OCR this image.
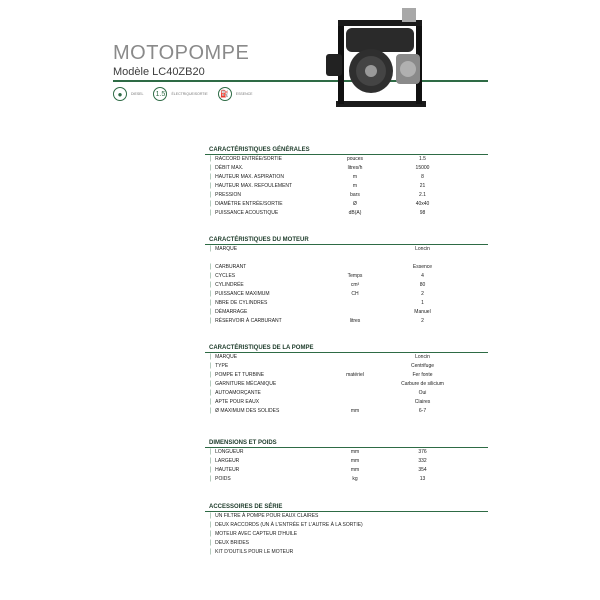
MOTOPOMPE
Modèle LC40ZB20
●	DIESEL	1.5	ÉLECTRIQUE/SORTIE	⛽	ESSENCE
CARACTÉRISTIQUES GÉNÉRALES
│ RACCORD ENTRÉE/SORTIE	pouces	1.5
│ DÉBIT MAX.	litres/h	15000
│ HAUTEUR MAX. ASPIRATION	m	8
│ HAUTEUR MAX. REFOULEMENT	m	21
│ PRESSION	bars	2.1
│ DIAMÈTRE ENTRÉE/SORTIE	Ø	40x40
│ PUISSANCE ACOUSTIQUE	dB(A)	98
CARACTÉRISTIQUES DU MOTEUR
│ MARQUE	Loncin
│ CARBURANT	Essence
│ CYCLES	Temps	4
│ CYLINDRÉE	cm³	80
│ PUISSANCE MAXIMUM	CH	2
│ NBRE DE CYLINDRES	1
│ DÉMARRAGE	Manuel
│ RÉSERVOIR À CARBURANT	litres	2
CARACTÉRISTIQUES DE LA POMPE
│ MARQUE	Loncin
│ TYPE	Centrifuge
│ POMPE ET TURBINE	matériel	Fer fonte
│ GARNITURE MÉCANIQUE	Carbure de silicium
│ AUTOAMORÇANTE	Oui
│ APTE POUR EAUX	Claires
│ Ø MAXIMUM DES SOLIDES	mm	6-7
DIMENSIONS ET POIDS
│ LONGUEUR	mm	376
│ LARGEUR	mm	332
│ HAUTEUR	mm	354
│ POIDS	kg	13
ACCESSOIRES DE SÉRIE
│ UN FILTRE À POMPE POUR EAUX CLAIRES
│ DEUX RACCORDS (UN À L'ENTRÉE ET L'AUTRE À LA SORTIE)
│ MOTEUR AVEC CAPTEUR D'HUILE
│ DEUX BRIDES
│ KIT D'OUTILS POUR LE MOTEUR
